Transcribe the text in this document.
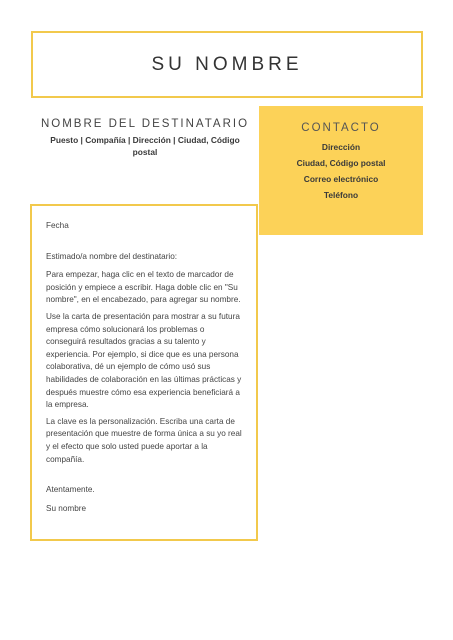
SU NOMBRE
NOMBRE DEL DESTINATARIO
Puesto | Compañía | Dirección | Ciudad, Código postal
CONTACTO
Dirección
Ciudad, Código postal
Correo electrónico
Teléfono

Fecha

Estimado/a nombre del destinatario:

Para empezar, haga clic en el texto de marcador de posición y empiece a escribir. Haga doble clic en "Su nombre", en el encabezado, para agregar su nombre.

Use la carta de presentación para mostrar a su futura empresa cómo solucionará los problemas o conseguirá resultados gracias a su talento y experiencia. Por ejemplo, si dice que es una persona colaborativa, dé un ejemplo de cómo usó sus habilidades de colaboración en las últimas prácticas y después muestre cómo esa experiencia beneficiará a la empresa.

La clave es la personalización. Escriba una carta de presentación que muestre de forma única a su yo real y el efecto que solo usted puede aportar a la compañía.

Atentamente.

Su nombre
